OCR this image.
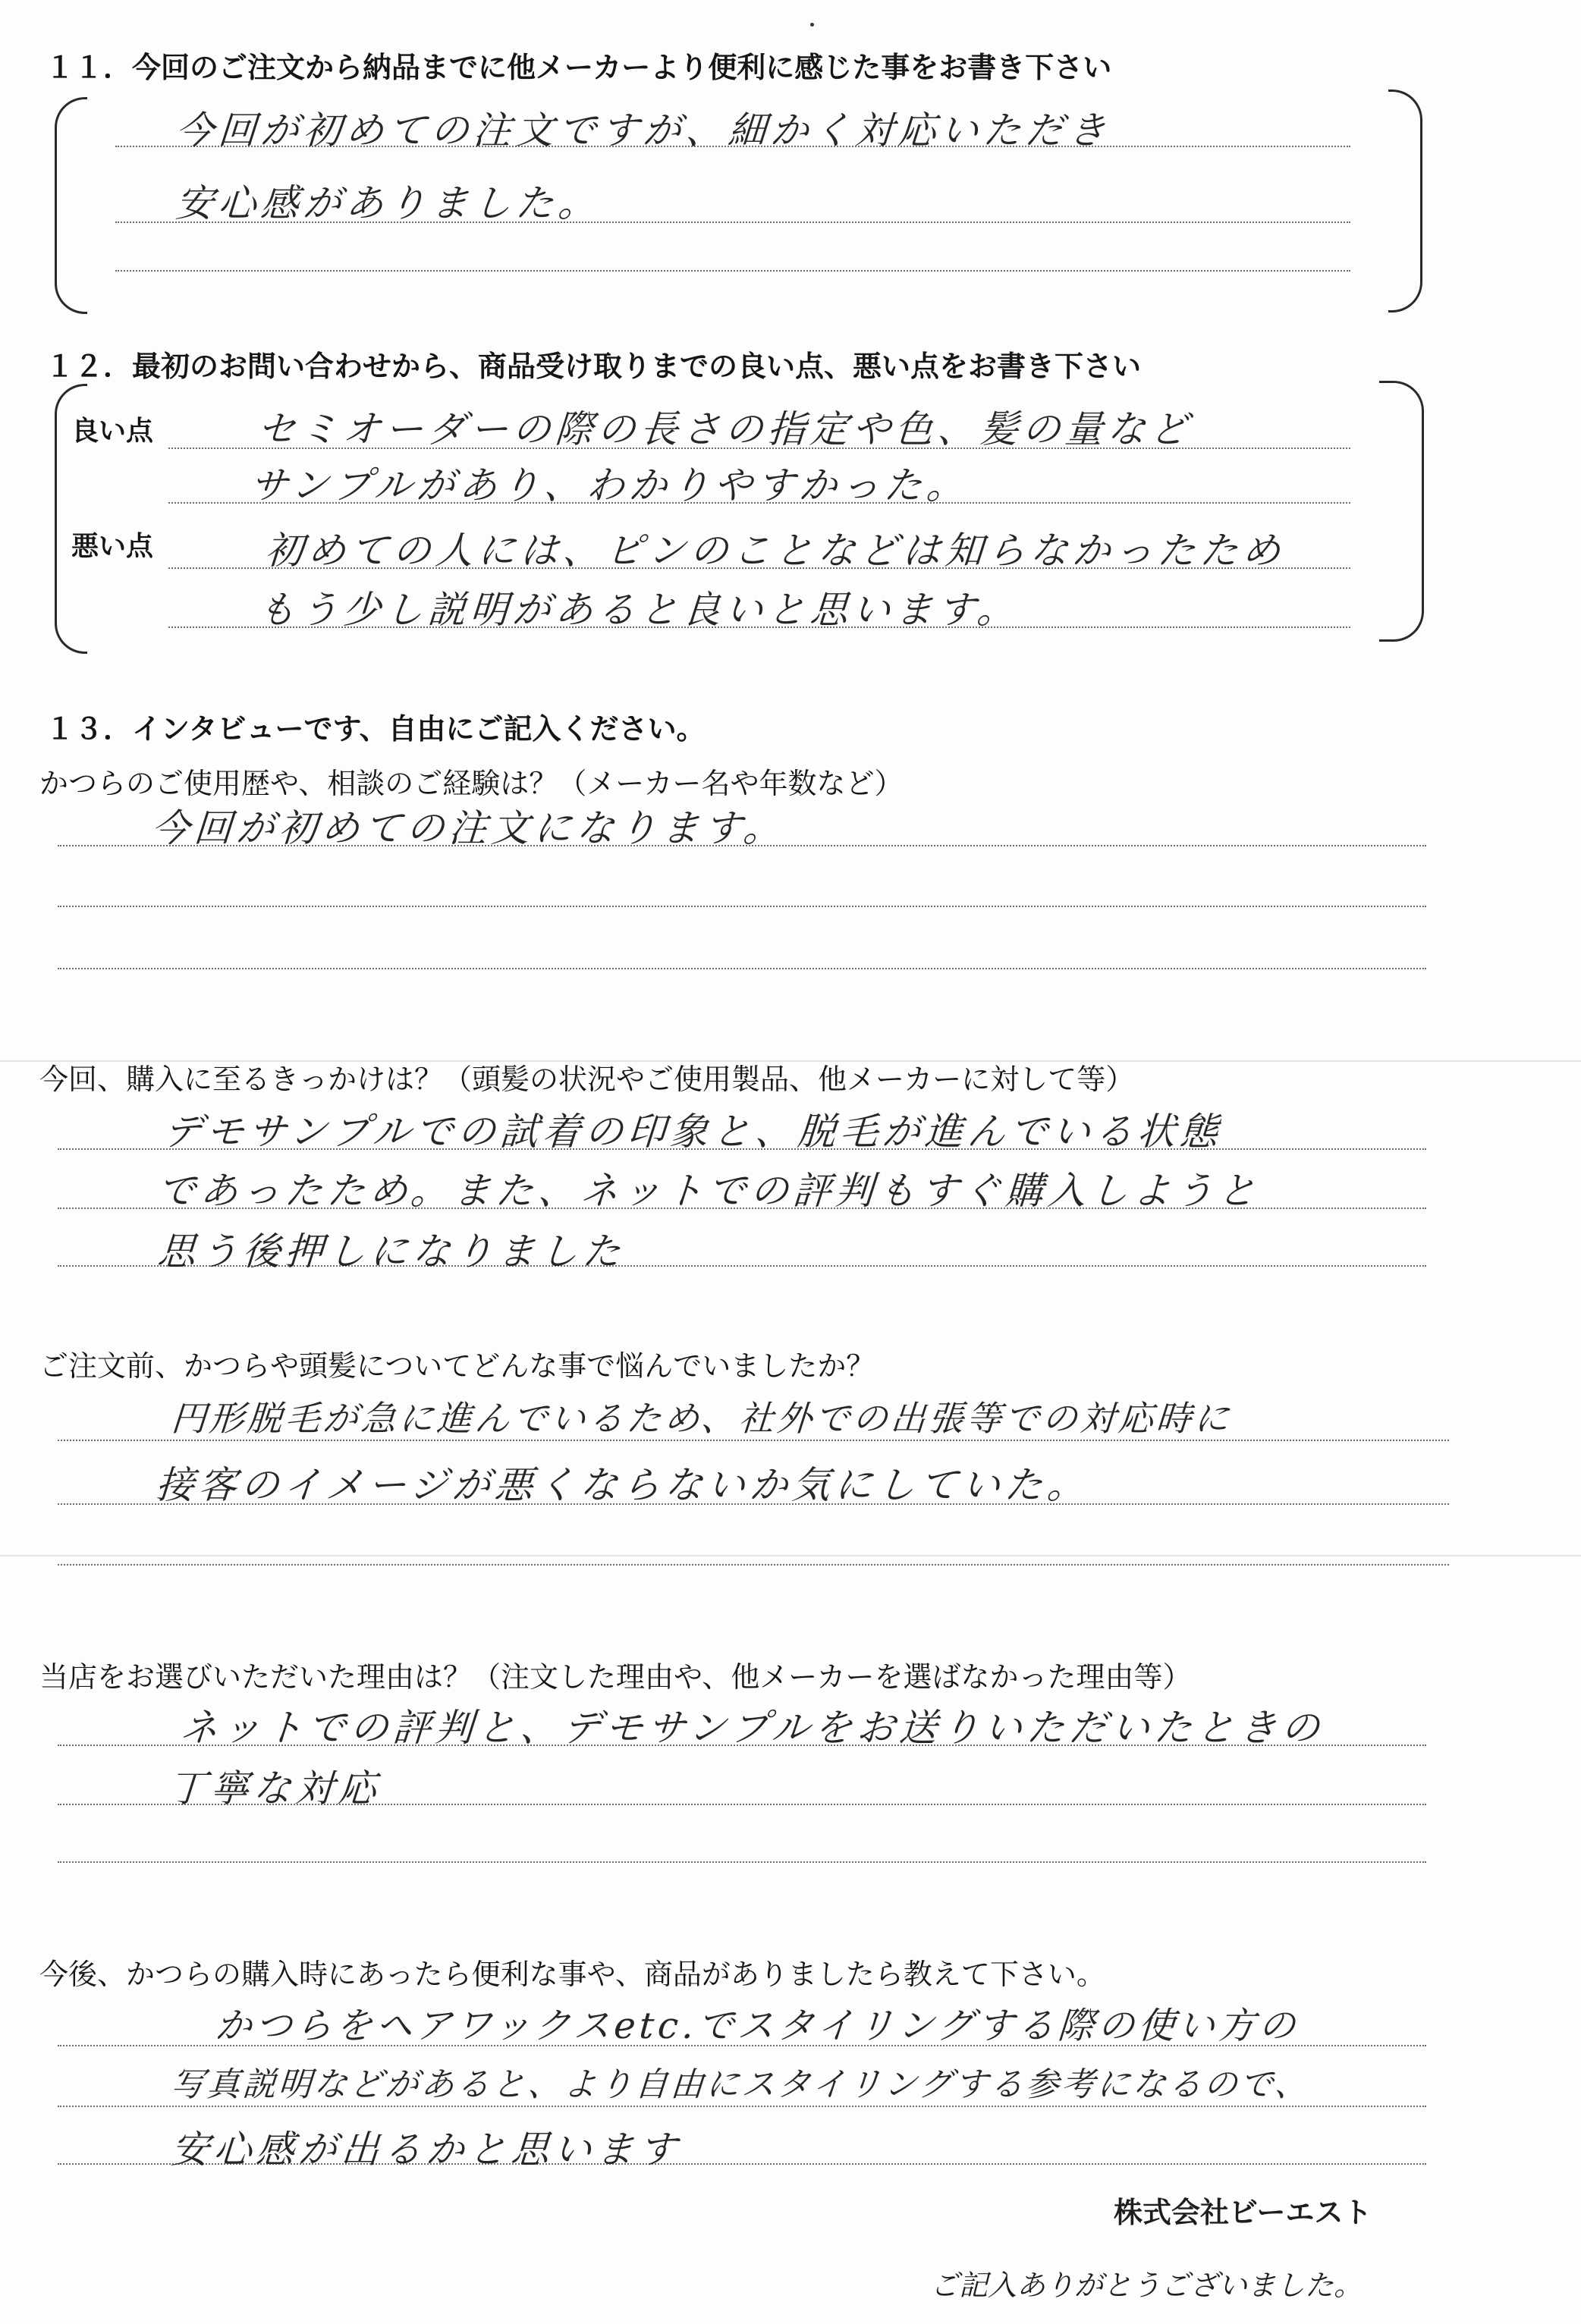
１１．今回のご注文から納品までに他メーカーより便利に感じた事をお書き下さい
今回が初めての注文ですが、細かく対応いただき
安心感がありました。
１２．最初のお問い合わせから、商品受け取りまでの良い点、悪い点をお書き下さい
良い点
悪い点
セミオーダーの際の長さの指定や色、髪の量など
サンプルがあり、わかりやすかった。
初めての人には、ピンのことなどは知らなかったため
もう少し説明があると良いと思います。
１３．インタビューです、自由にご記入ください。
かつらのご使用歴や、相談のご経験は？（メーカー名や年数など）
今回が初めての注文になります。
今回、購入に至るきっかけは？（頭髪の状況やご使用製品、他メーカーに対して等）
デモサンプルでの試着の印象と、脱毛が進んでいる状態
であったため。また、ネットでの評判もすぐ購入しようと
思う後押しになりました
ご注文前、かつらや頭髪についてどんな事で悩んでいましたか？
円形脱毛が急に進んでいるため、社外での出張等での対応時に
接客のイメージが悪くならないか気にしていた。
当店をお選びいただいた理由は？（注文した理由や、他メーカーを選ばなかった理由等）
ネットでの評判と、デモサンプルをお送りいただいたときの
丁寧な対応
今後、かつらの購入時にあったら便利な事や、商品がありましたら教えて下さい。
かつらをヘアワックスetc.でスタイリングする際の使い方の
写真説明などがあると、より自由にスタイリングする参考になるので、
安心感が出るかと思います
株式会社ビーエスト
ご記入ありがとうございました。
